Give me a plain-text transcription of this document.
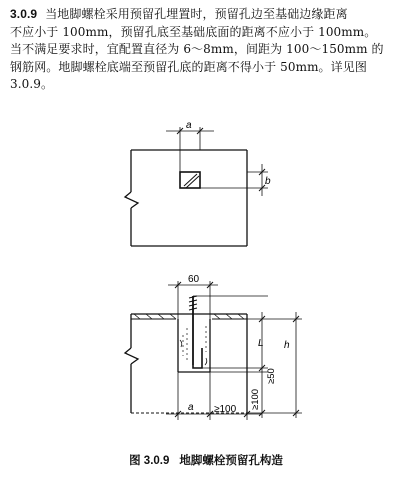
3.0.9 当地脚螺栓采用预留孔埋置时，预留孔边至基础边缘距离
不应小于 100mm，预留孔底至基础底面的距离不应小于 100mm。
当不满足要求时，宜配置直径为 6～8mm，间距为 100～150mm 的
钢筋网。地脚螺栓底端至预留孔底的距离不得小于 50mm。详见图
3.0.9。
a
b
60
L h
≥50
≥100
a ≥100
图 3.0.9 地脚螺栓预留孔构造
